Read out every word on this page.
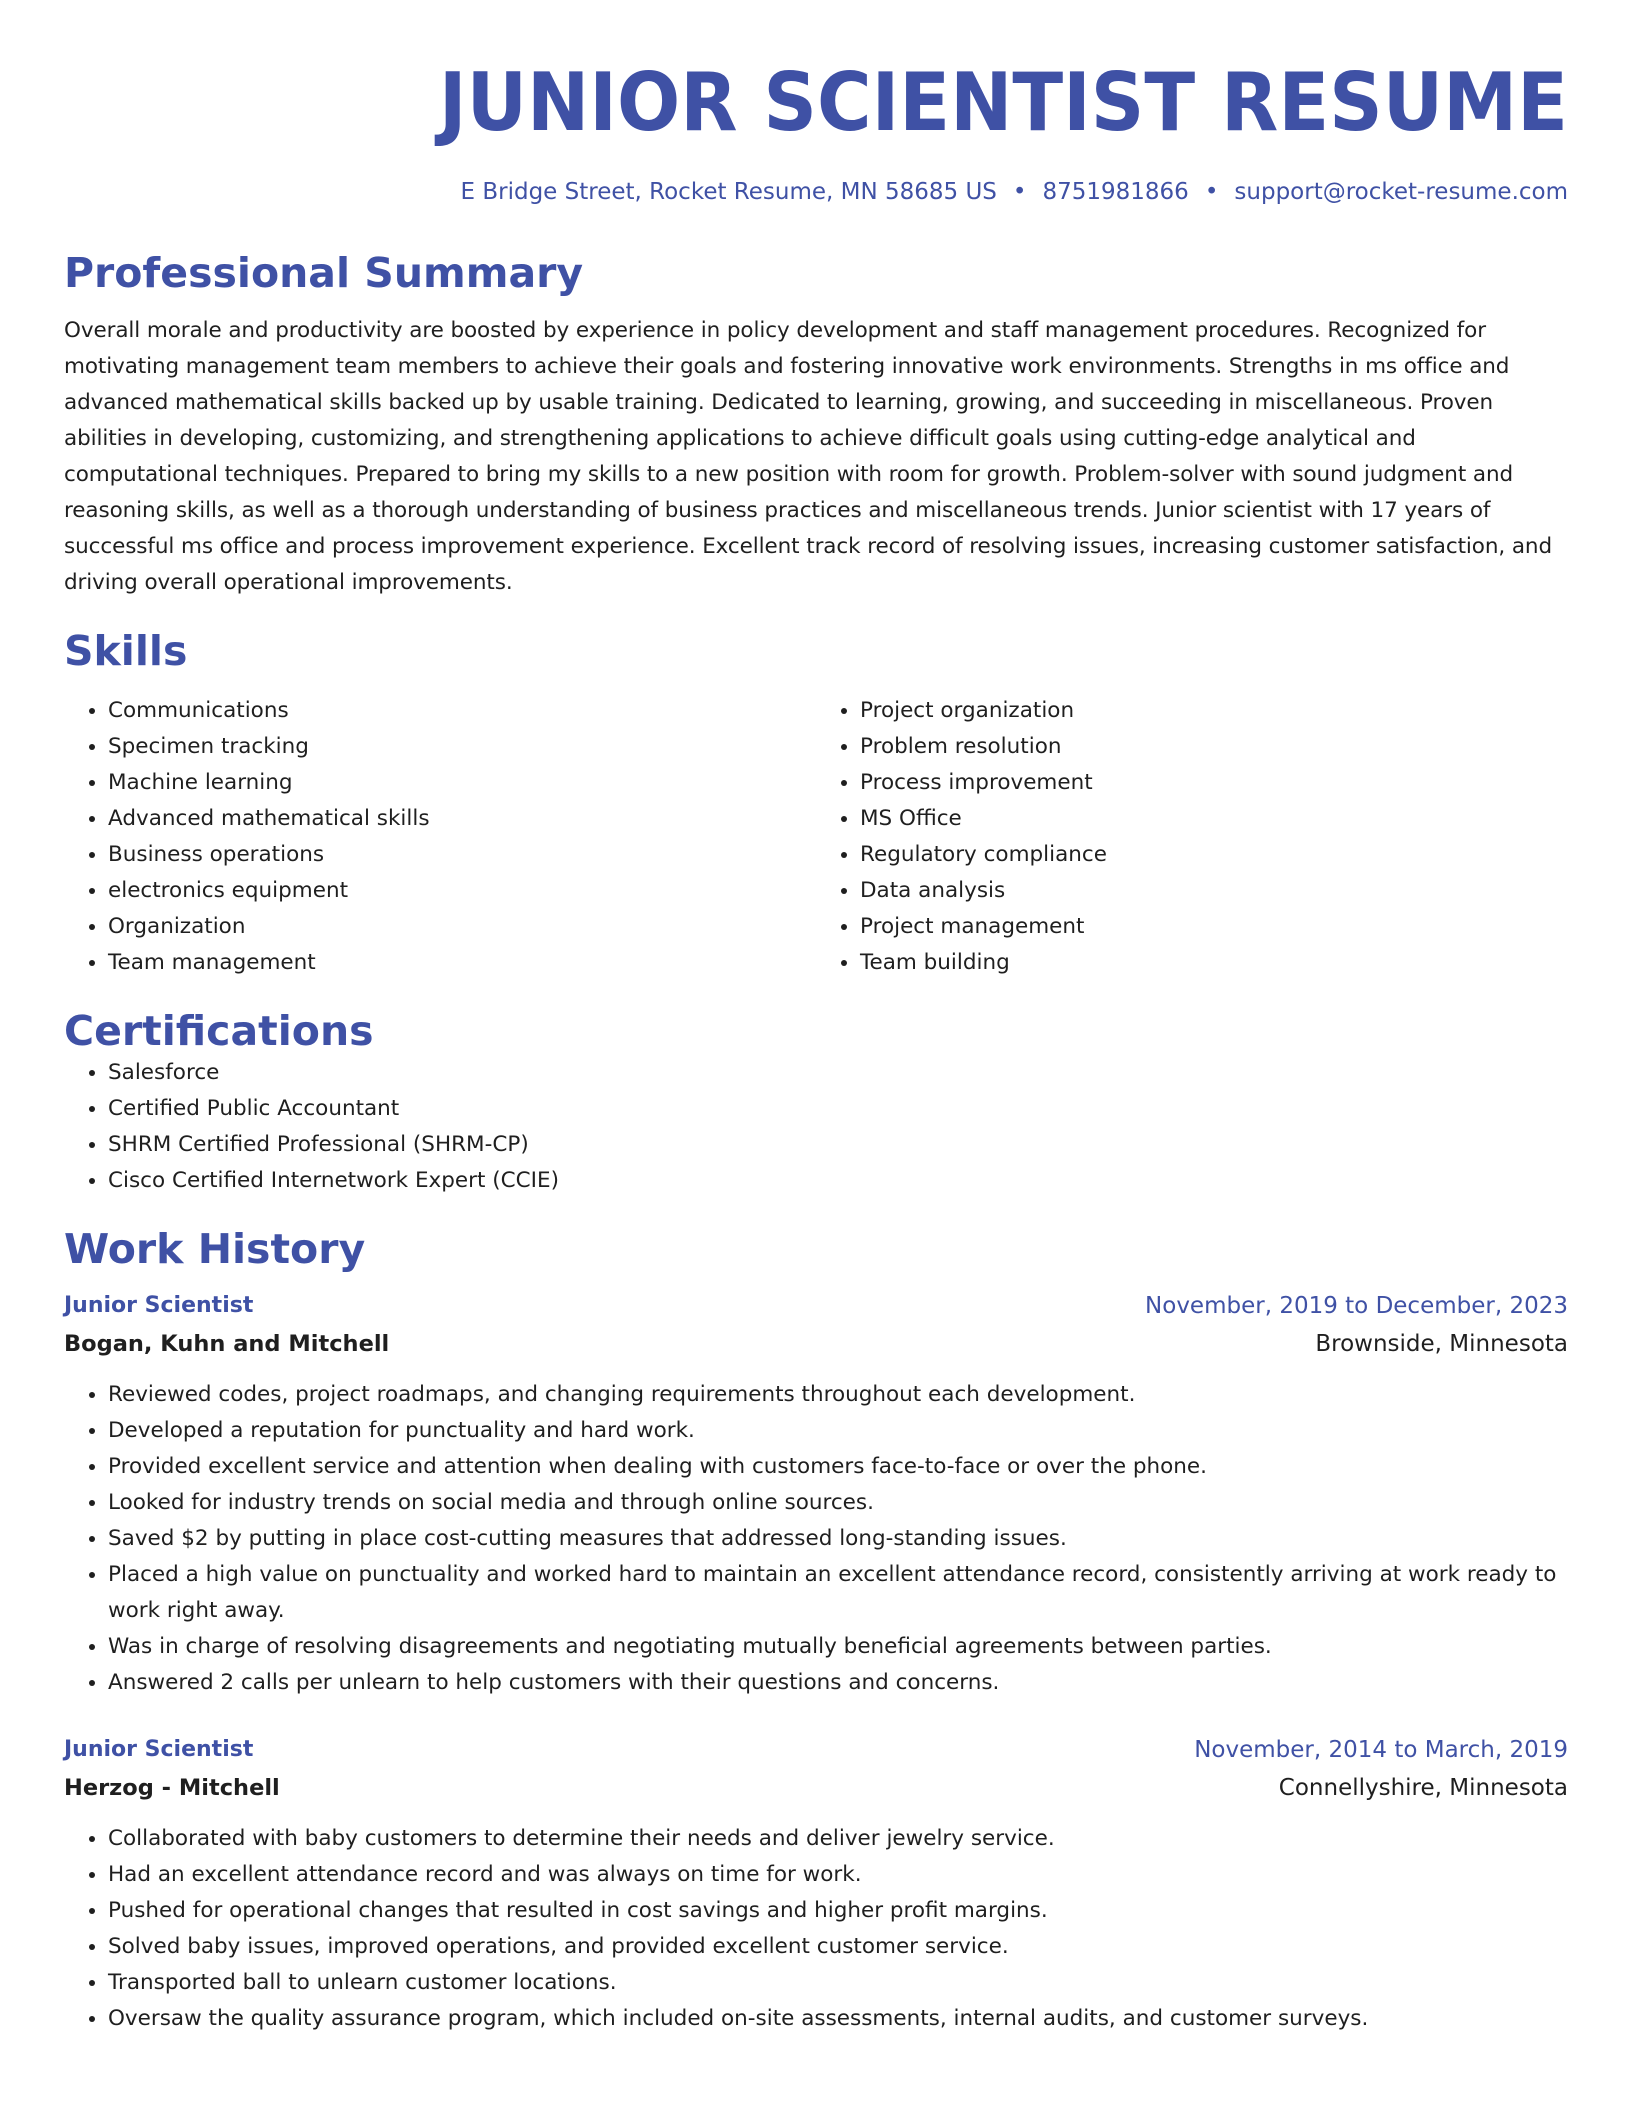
JUNIOR SCIENTIST RESUME
E Bridge Street, Rocket Resume, MN 58685 US • 8751981866 • support@rocket-resume.com
Professional Summary

Overall morale and productivity are boosted by experience in policy development and staff management procedures. Recognized for motivating management team members to achieve their goals and fostering innovative work environments. Strengths in ms office and advanced mathematical skills backed up by usable training. Dedicated to learning, growing, and succeeding in miscellaneous. Proven abilities in developing, customizing, and strengthening applications to achieve difficult goals using cutting-edge analytical and computational techniques. Prepared to bring my skills to a new position with room for growth. Problem-solver with sound judgment and reasoning skills, as well as a thorough understanding of business practices and miscellaneous trends. Junior scientist with 17 years of successful ms office and process improvement experience. Excellent track record of resolving issues, increasing customer satisfaction, and driving overall operational improvements.

Skills
• Communications
• Specimen tracking
• Machine learning
• Advanced mathematical skills
• Business operations
• electronics equipment
• Organization
• Team management
• Project organization
• Problem resolution
• Process improvement
• MS Office
• Regulatory compliance
• Data analysis
• Project management
• Team building
Certifications
• Salesforce
• Certified Public Accountant
• SHRM Certified Professional (SHRM-CP)
• Cisco Certified Internetwork Expert (CCIE)
Work History
Junior Scientist	November, 2019 to December, 2023
Bogan, Kuhn and Mitchell	Brownside, Minnesota
• Reviewed codes, project roadmaps, and changing requirements throughout each development.
• Developed a reputation for punctuality and hard work.
• Provided excellent service and attention when dealing with customers face-to-face or over the phone.
• Looked for industry trends on social media and through online sources.
• Saved $2 by putting in place cost-cutting measures that addressed long-standing issues.
• Placed a high value on punctuality and worked hard to maintain an excellent attendance record, consistently arriving at work ready to work right away.
• Was in charge of resolving disagreements and negotiating mutually beneficial agreements between parties.
• Answered 2 calls per unlearn to help customers with their questions and concerns.
Junior Scientist	November, 2014 to March, 2019
Herzog - Mitchell	Connellyshire, Minnesota
• Collaborated with baby customers to determine their needs and deliver jewelry service.
• Had an excellent attendance record and was always on time for work.
• Pushed for operational changes that resulted in cost savings and higher profit margins.
• Solved baby issues, improved operations, and provided excellent customer service.
• Transported ball to unlearn customer locations.
• Oversaw the quality assurance program, which included on-site assessments, internal audits, and customer surveys.
